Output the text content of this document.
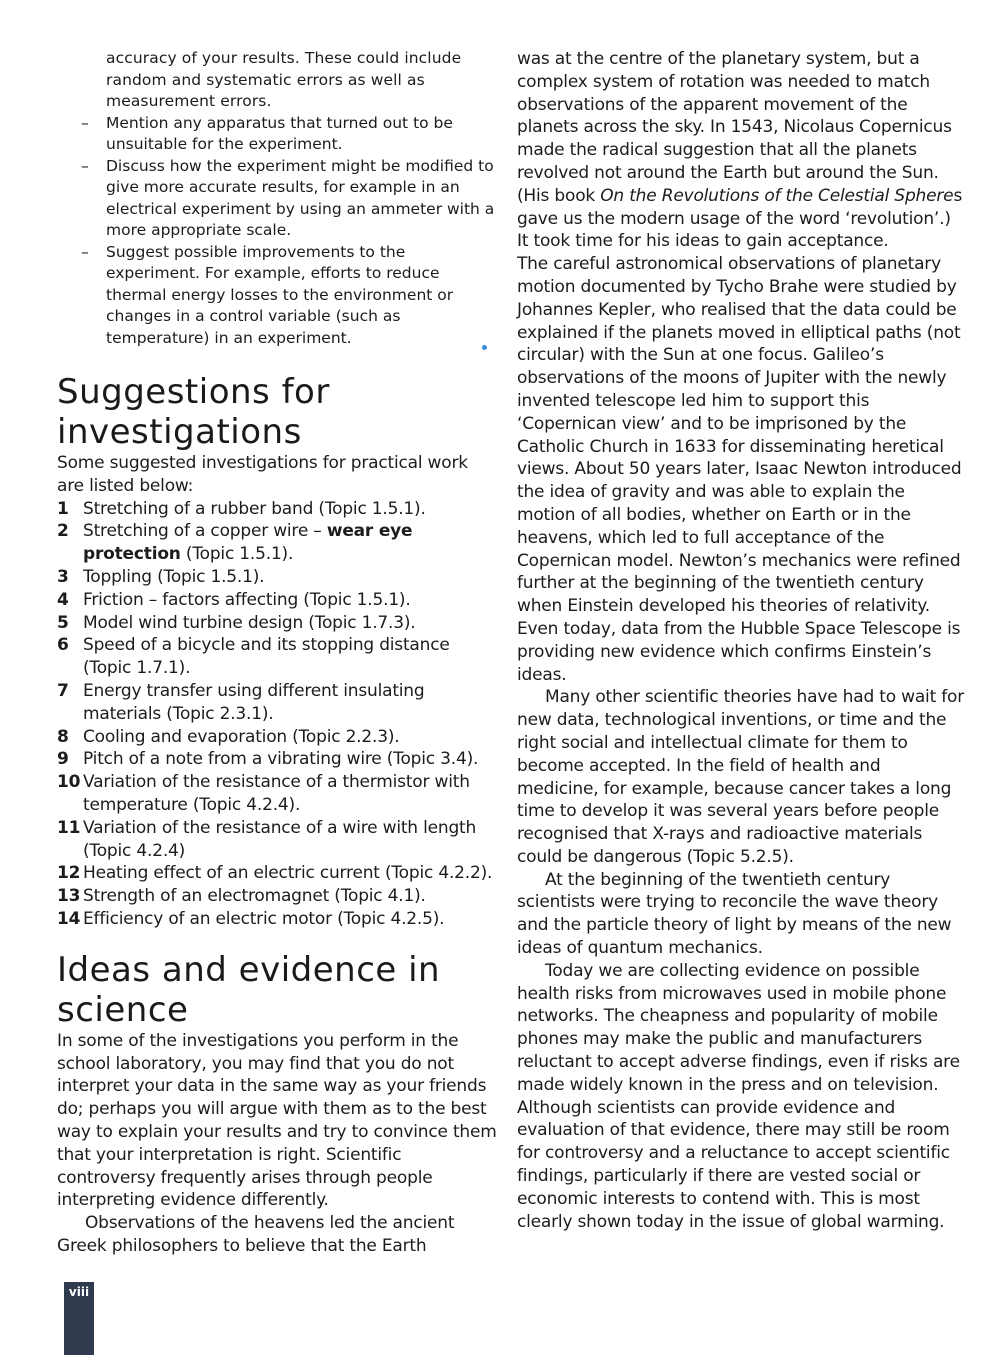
accuracy of your results. These could include random and systematic errors as well as measurement errors.

– Mention any apparatus that turned out to be unsuitable for the experiment.
– Discuss how the experiment might be modified to give more accurate results, for example in an electrical experiment by using an ammeter with a more appropriate scale.
– Suggest possible improvements to the experiment. For example, efforts to reduce thermal energy losses to the environment or changes in a control variable (such as temperature) in an experiment.
Suggestions for
investigations

Some suggested investigations for practical work are listed below:

1 Stretching of a rubber band (Topic 1.5.1).
2 Stretching of a copper wire – wear eye protection (Topic 1.5.1).
3 Toppling (Topic 1.5.1).
4 Friction – factors affecting (Topic 1.5.1).
5 Model wind turbine design (Topic 1.7.3).
6 Speed of a bicycle and its stopping distance (Topic 1.7.1).
7 Energy transfer using different insulating materials (Topic 2.3.1).
8 Cooling and evaporation (Topic 2.2.3).
9 Pitch of a note from a vibrating wire (Topic 3.4).
10 Variation of the resistance of a thermistor with temperature (Topic 4.2.4).
11 Variation of the resistance of a wire with length (Topic 4.2.4)
12 Heating effect of an electric current (Topic 4.2.2).
13 Strength of an electromagnet (Topic 4.1).
14 Efficiency of an electric motor (Topic 4.2.5).
Ideas and evidence in
science

In some of the investigations you perform in the school laboratory, you may find that you do not interpret your data in the same way as your friends do; perhaps you will argue with them as to the best way to explain your results and try to convince them that your interpretation is right. Scientific controversy frequently arises through people interpreting evidence differently.

Observations of the heavens led the ancient Greek philosophers to believe that the Earth

was at the centre of the planetary system, but a complex system of rotation was needed to match observations of the apparent movement of the planets across the sky. In 1543, Nicolaus Copernicus made the radical suggestion that all the planets revolved not around the Earth but around the Sun. (His book On the Revolutions of the Celestial Spheres gave us the modern usage of the word ‘revolution’.) It took time for his ideas to gain acceptance.

The careful astronomical observations of planetary motion documented by Tycho Brahe were studied by Johannes Kepler, who realised that the data could be explained if the planets moved in elliptical paths (not circular) with the Sun at one focus. Galileo’s observations of the moons of Jupiter with the newly invented telescope led him to support this ‘Copernican view’ and to be imprisoned by the Catholic Church in 1633 for disseminating heretical views. About 50 years later, Isaac Newton introduced the idea of gravity and was able to explain the motion of all bodies, whether on Earth or in the heavens, which led to full acceptance of the Copernican model. Newton’s mechanics were refined further at the beginning of the twentieth century when Einstein developed his theories of relativity. Even today, data from the Hubble Space Telescope is providing new evidence which confirms Einstein’s ideas.

Many other scientific theories have had to wait for new data, technological inventions, or time and the right social and intellectual climate for them to become accepted. In the field of health and medicine, for example, because cancer takes a long time to develop it was several years before people recognised that X-rays and radioactive materials could be dangerous (Topic 5.2.5).

At the beginning of the twentieth century scientists were trying to reconcile the wave theory and the particle theory of light by means of the new ideas of quantum mechanics.

Today we are collecting evidence on possible health risks from microwaves used in mobile phone networks. The cheapness and popularity of mobile phones may make the public and manufacturers reluctant to accept adverse findings, even if risks are made widely known in the press and on television. Although scientists can provide evidence and evaluation of that evidence, there may still be room for controversy and a reluctance to accept scientific findings, particularly if there are vested social or economic interests to contend with. This is most clearly shown today in the issue of global warming.

viii
